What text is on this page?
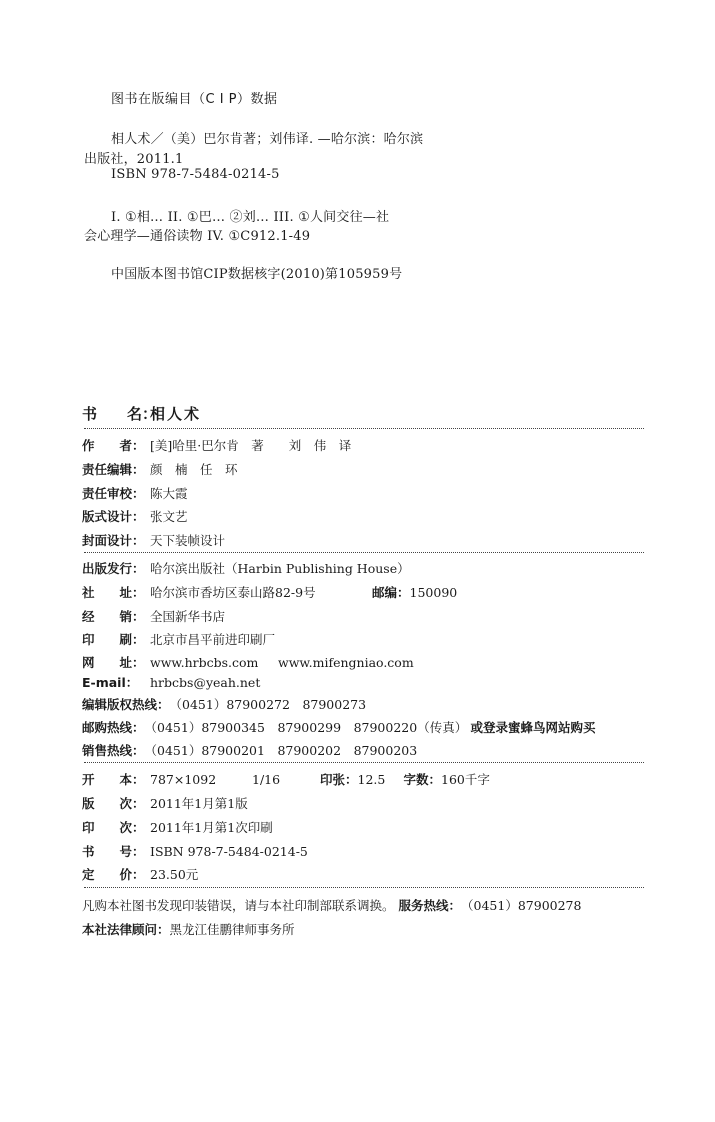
图书在版编目（C I P）数据
相人术／（美）巴尔肯著；刘伟译. —哈尔滨：哈尔滨
出版社，2011.1
ISBN 978-7-5484-0214-5
I. ①相… II. ①巴… ②刘… III. ①人间交往—社
会心理学—通俗读物 IV. ①C912.1-49
中国版本图书馆CIP数据核字(2010)第105959号
书　　名：相人术
作　　者： [美]哈里·巴尔肯　著　　刘　伟　译
责任编辑： 颜　楠　任　环
责任审校： 陈大霞
版式设计： 张文艺
封面设计： 天下装帧设计
出版发行： 哈尔滨出版社（Harbin Publishing House）
社　　址： 哈尔滨市香坊区泰山路82-9号	邮编：150090
经　　销： 全国新华书店
印　　刷： 北京市昌平前进印刷厂
网　　址： www.hrbcbs.com www.mifengniao.com
E-mail： hrbcbs@yeah.net
编辑版权热线：（0451）87900272　87900273
邮购热线：（0451）87900345　87900299　87900220（传真） 或登录蜜蜂鸟网站购买
销售热线：（0451）87900201　87900202　87900203
开　　本： 787×1092	1/16	印张：12.5 字数：160千字
版　　次： 2011年1月第1版
印　　次： 2011年1月第1次印刷
书　　号： ISBN 978-7-5484-0214-5
定　　价： 23.50元
凡购本社图书发现印装错误，请与本社印制部联系调换。 服务热线：（0451）87900278
本社法律顾问：黑龙江佳鹏律师事务所
